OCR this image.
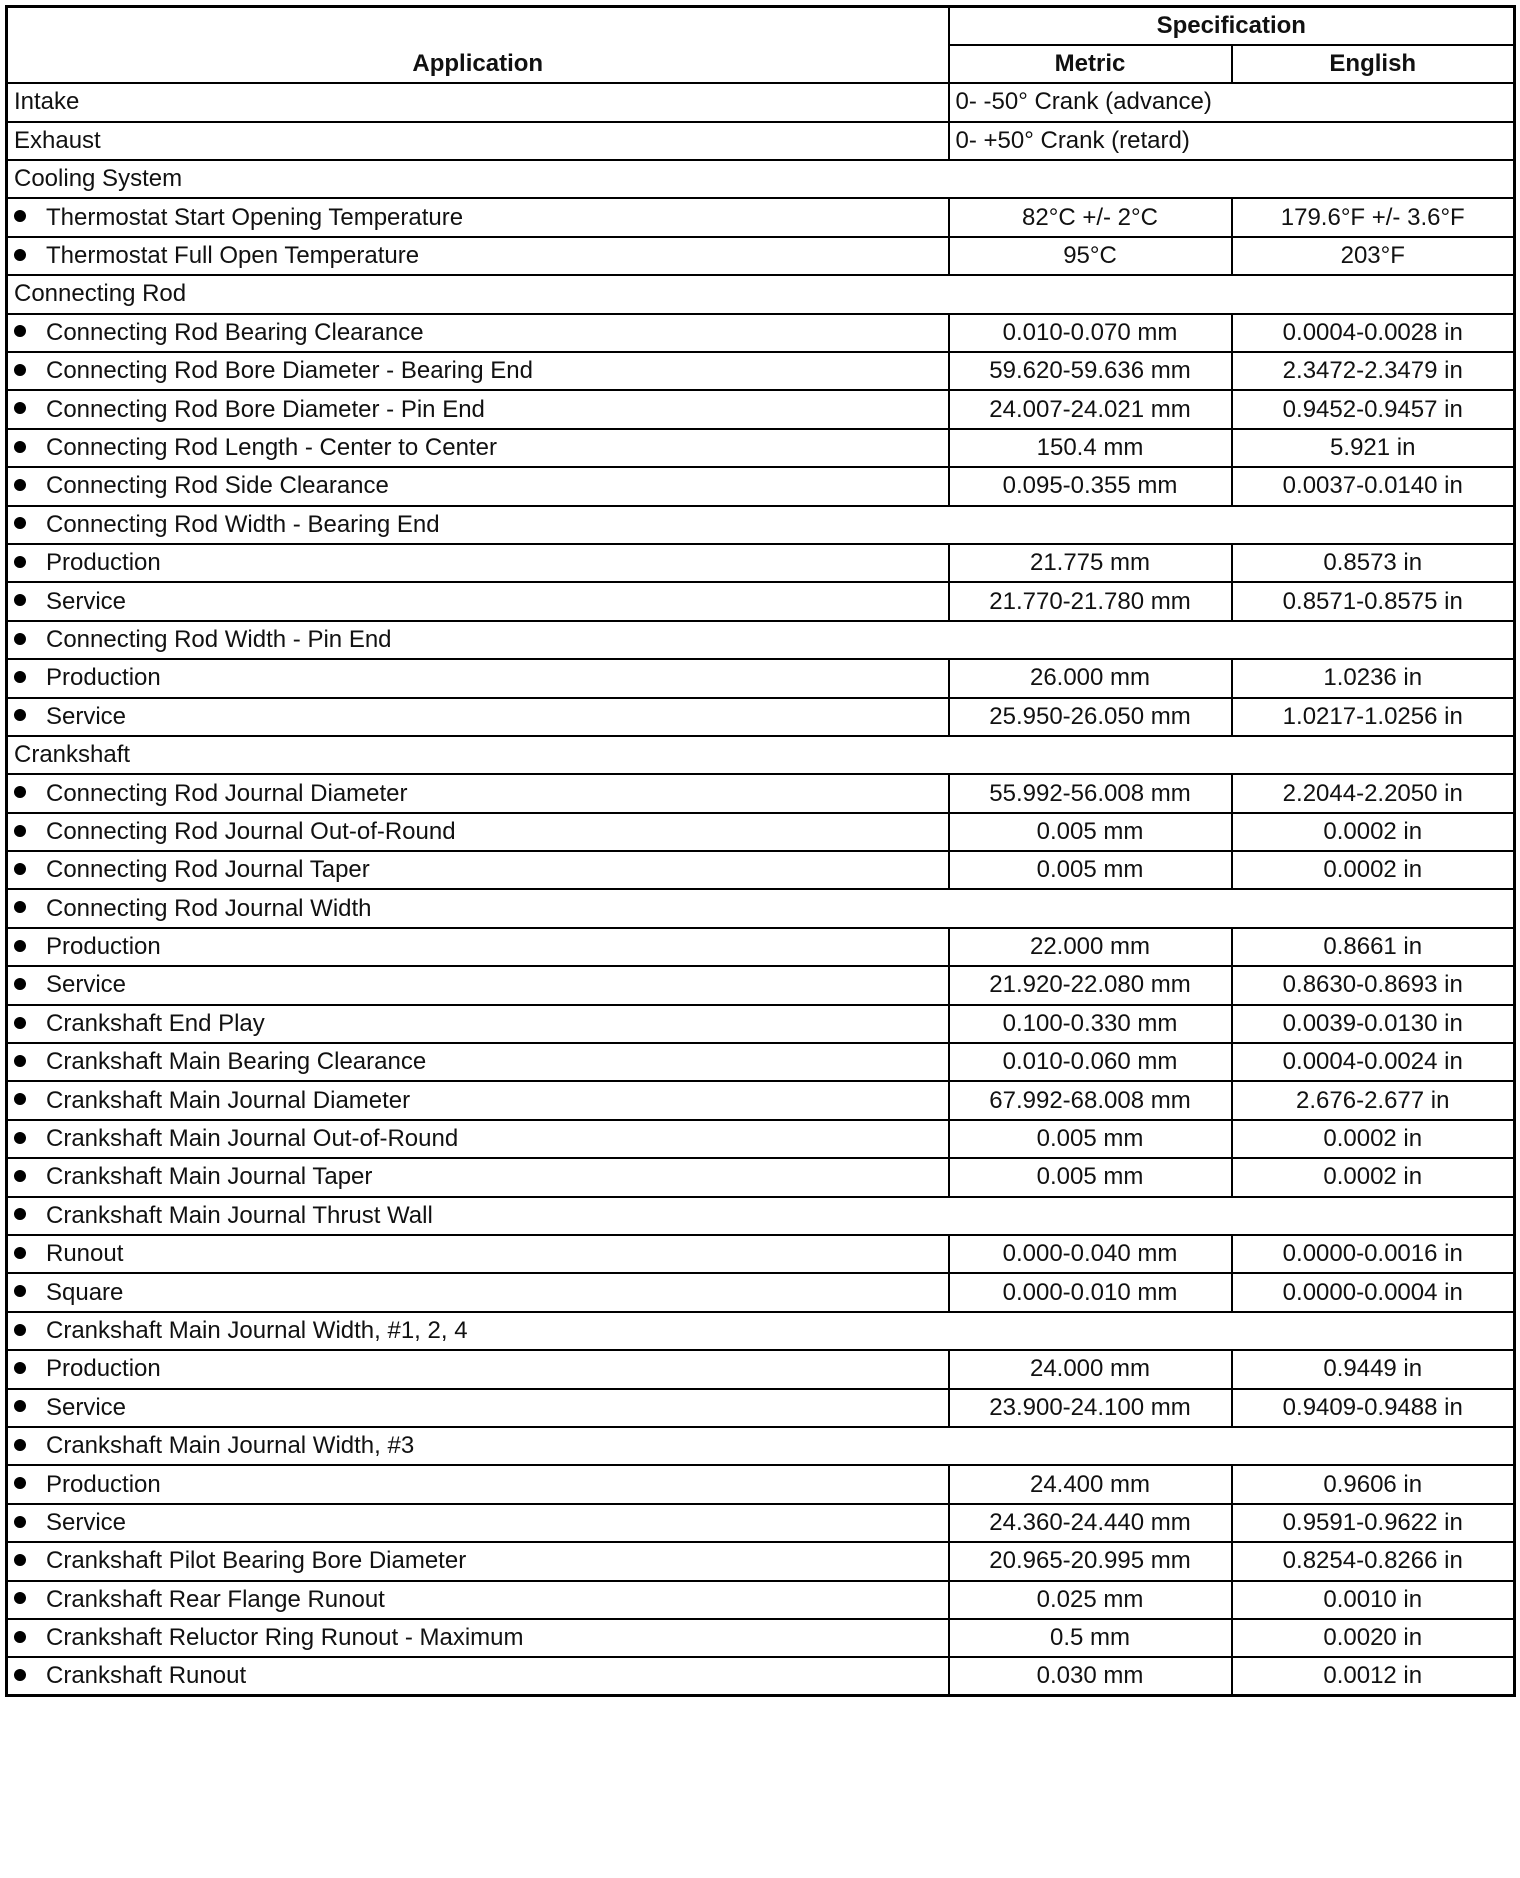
Application	Specification	
	Metric	English
Intake	0- -50° Crank (advance)	
Exhaust	0- +50° Crank (retard)	
Cooling System		
Thermostat Start Opening Temperature	82°C +/- 2°C	179.6°F +/- 3.6°F
Thermostat Full Open Temperature	95°C	203°F
Connecting Rod		
Connecting Rod Bearing Clearance	0.010-0.070 mm	0.0004-0.0028 in
Connecting Rod Bore Diameter - Bearing End	59.620-59.636 mm	2.3472-2.3479 in
Connecting Rod Bore Diameter - Pin End	24.007-24.021 mm	0.9452-0.9457 in
Connecting Rod Length - Center to Center	150.4 mm	5.921 in
Connecting Rod Side Clearance	0.095-0.355 mm	0.0037-0.0140 in
Connecting Rod Width - Bearing End		
Production	21.775 mm	0.8573 in
Service	21.770-21.780 mm	0.8571-0.8575 in
Connecting Rod Width - Pin End		
Production	26.000 mm	1.0236 in
Service	25.950-26.050 mm	1.0217-1.0256 in
Crankshaft		
Connecting Rod Journal Diameter	55.992-56.008 mm	2.2044-2.2050 in
Connecting Rod Journal Out-of-Round	0.005 mm	0.0002 in
Connecting Rod Journal Taper	0.005 mm	0.0002 in
Connecting Rod Journal Width		
Production	22.000 mm	0.8661 in
Service	21.920-22.080 mm	0.8630-0.8693 in
Crankshaft End Play	0.100-0.330 mm	0.0039-0.0130 in
Crankshaft Main Bearing Clearance	0.010-0.060 mm	0.0004-0.0024 in
Crankshaft Main Journal Diameter	67.992-68.008 mm	2.676-2.677 in
Crankshaft Main Journal Out-of-Round	0.005 mm	0.0002 in
Crankshaft Main Journal Taper	0.005 mm	0.0002 in
Crankshaft Main Journal Thrust Wall		
Runout	0.000-0.040 mm	0.0000-0.0016 in
Square	0.000-0.010 mm	0.0000-0.0004 in
Crankshaft Main Journal Width, #1, 2, 4		
Production	24.000 mm	0.9449 in
Service	23.900-24.100 mm	0.9409-0.9488 in
Crankshaft Main Journal Width, #3		
Production	24.400 mm	0.9606 in
Service	24.360-24.440 mm	0.9591-0.9622 in
Crankshaft Pilot Bearing Bore Diameter	20.965-20.995 mm	0.8254-0.8266 in
Crankshaft Rear Flange Runout	0.025 mm	0.0010 in
Crankshaft Reluctor Ring Runout - Maximum	0.5 mm	0.0020 in
Crankshaft Runout	0.030 mm	0.0012 in
